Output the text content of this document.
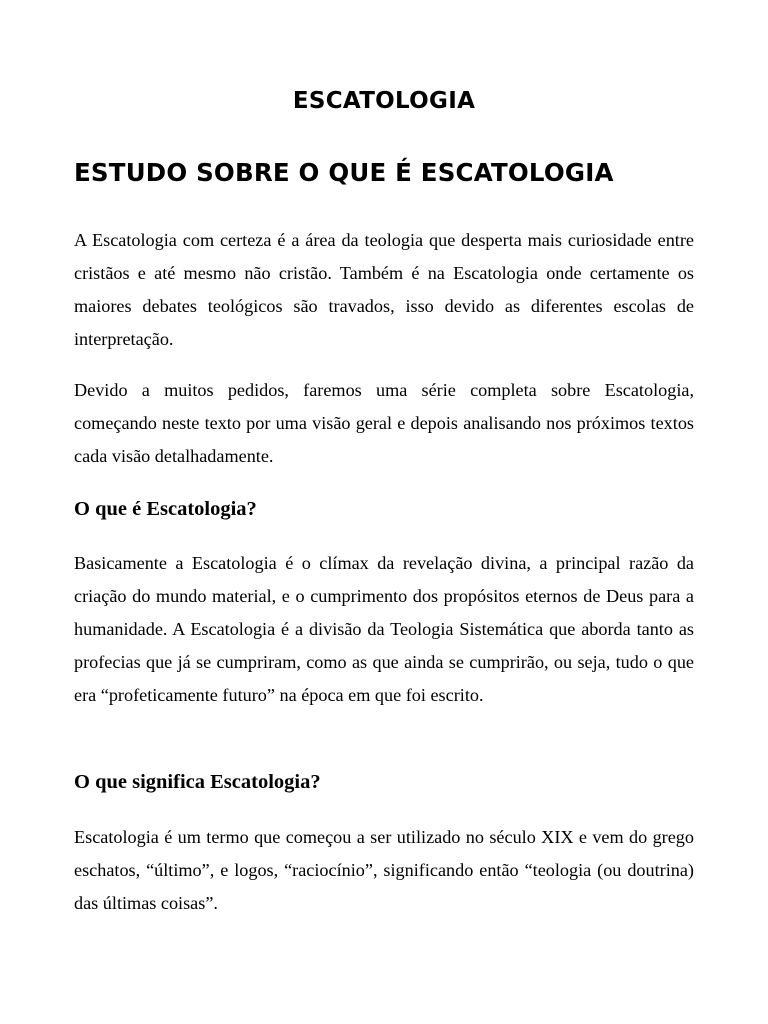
ESCATOLOGIA
ESTUDO SOBRE O QUE É ESCATOLOGIA

A Escatologia com certeza é a área da teologia que desperta mais curiosidade entre cristãos e até mesmo não cristão. Também é na Escatologia onde certamente os maiores debates teológicos são travados, isso devido as diferentes escolas de interpretação.

Devido a muitos pedidos, faremos uma série completa sobre Escatologia, começando neste texto por uma visão geral e depois analisando nos próximos textos cada visão detalhadamente.

O que é Escatologia?

Basicamente a Escatologia é o clímax da revelação divina, a principal razão da criação do mundo material, e o cumprimento dos propósitos eternos de Deus para a humanidade. A Escatologia é a divisão da Teologia Sistemática que aborda tanto as profecias que já se cumpriram, como as que ainda se cumprirão, ou seja, tudo o que era “profeticamente futuro” na época em que foi escrito.

O que significa Escatologia?

Escatologia é um termo que começou a ser utilizado no século XIX e vem do grego eschatos, “último”, e logos, “raciocínio”, significando então “teologia (ou doutrina) das últimas coisas”.
